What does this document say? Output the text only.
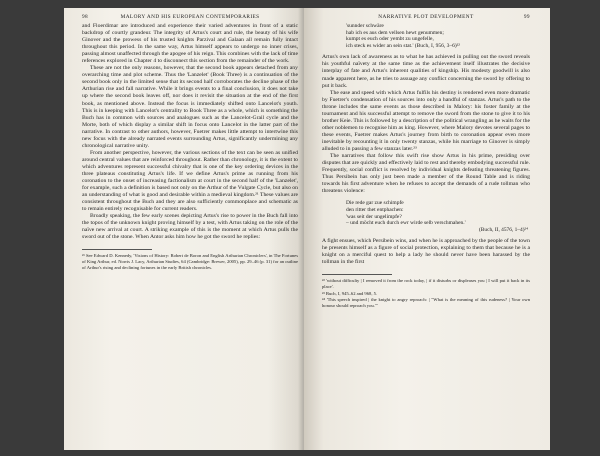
98	MALORY AND HIS EUROPEAN CONTEMPORARIES

and Floerdimar are introduced and experience their varied adventures in front of a static backdrop of courtly grandeur. The integrity of Artus's court and rule, the beauty of his wife Ginover and the prowess of his trusted knights Parzival and Galaan all remain fully intact throughout this period. In the same way, Artus himself appears to undergo no inner crises, passing almost unaffected through the apogee of his reign. This combines with the lack of time references explored in Chapter 4 to disconnect this section from the remainder of the work.

These are not the only reasons, however, that the second book appears detached from any overarching time and plot scheme. Thus the 'Lanzelet' (Book Three) is a continuation of the second book only in the limited sense that its second half corroborates the decline phase of the Arthurian rise and fall narrative. While it brings events to a final conclusion, it does not take up where the second book leaves off, nor does it revisit the situation at the end of the first book, as mentioned above. Instead the focus is immediately shifted onto Lancelot's youth. This is in keeping with Lancelot's centrality to Book Three as a whole, which is something the Buch has in common with sources and analogues such as the Lancelot-Grail cycle and the Morte, both of which display a similar shift in focus onto Lancelot in the latter part of the narrative. In contrast to other authors, however, Fuetrer makes little attempt to intertwine this new focus with the already narrated events surrounding Artus, significantly undermining any chronological narrative unity.

From another perspective, however, the various sections of the text can be seen as unified around central values that are reinforced throughout. Rather than chronology, it is the extent to which adventures represent successful chivalry that is one of the key ordering devices in the three plateaus constituting Artus's life. If we define Artus's prime as running from his coronation to the onset of increasing factionalism at court in the second half of the 'Lanzelet', for example, such a definition is based not only on the Arthur of the Vulgate Cycle, but also on an understanding of what is good and desirable within a medieval kingdom.²¹ These values are consistent throughout the Buch and they are also sufficiently commonplace and schematic as to remain entirely recognisable for current readers.

Broadly speaking, the few early scenes depicting Artus's rise to power in the Buch fall into the topos of the unknown knight proving himself by a test, with Artus taking on the role of the naïve new arrival at court. A striking example of this is the moment at which Artus pulls the sword out of the stone. When Antor asks him how he got the sword he replies:

²¹ See Edward D. Kennedy, 'Visions of History: Robert de Boron and English Arthurian Chroniclers', in The Fortunes of King Arthur, ed. Norris J. Lacy, Arthurian Studies, 64 (Cambridge: Brewer, 2005), pp. 29–46 (p. 31) for an outline of Arthur's rising and declining fortunes in the early British chronicles.

NARRATIVE PLOT DEVELOPMENT	99
'sunnder schwäre
hab ich es aus dem vellsen hewt genummen;
kumpt es euch oder yembt zu ungefelle,
ich steck es wider an sein stat.' (Buch, I, 956, 3–6)²²

Artus's own lack of awareness as to what he has achieved in pulling out the sword reveals his youthful naïvety at the same time as the achievement itself illustrates the decisive interplay of fate and Artus's inherent qualities of kingship. His modesty goodwill is also made apparent here, as he tries to assuage any conflict concerning the sword by offering to put it back.

The ease and speed with which Artus fulfils his destiny is rendered even more dramatic by Fuetrer's condensation of his sources into only a handful of stanzas. Artus's path to the throne includes the same events as those described in Malory: his foster family at the tournament and his successful attempt to remove the sword from the stone to give it to his brother Keie. This is followed by a description of the political wrangling as he waits for the other noblemen to recognise him as king. However, where Malory devotes several pages to these events, Fuetrer makes Artus's journey from birth to coronation appear even more inevitable by recounting it in only twenty stanzas, while his marriage to Ginover is simply alluded to in passing a few stanzas later.²³

The narratives that follow this swift rise show Artus in his prime, presiding over disputes that are quickly and effectively laid to rest and thereby embodying successful rule. Frequently, social conflict is resolved by individual knights defeating threatening figures. Thus Persibein has only just been made a member of the Round Table and is riding towards his first adventure when he refuses to accept the demands of a rude tollman who threatens violence:

Die rede gar zue schimpfe
den ritter thet entphachen:
'was seit der ungelimpfe?
– und möcht euch durch ewr wirde selb verschmahen.'
(Buch, II, 4576, 1–4)²⁴

A fight ensues, which Persibein wins, and when he is approached by the people of the town he presents himself as a figure of social protection, explaining to them that because he is a knight on a merciful quest to help a lady he should never have been harassed by the tollman in the first

²² 'without difficulty | I removed it from the rock today, | if it disturbs or displeases you | I will put it back in its place'.

²³ Buch, I, 945–62 and 968, 5.

²⁴ 'This speech inspired | the knight to angry reproach: | "What is the meaning of this rudeness? | Your own honour should reproach you."'
